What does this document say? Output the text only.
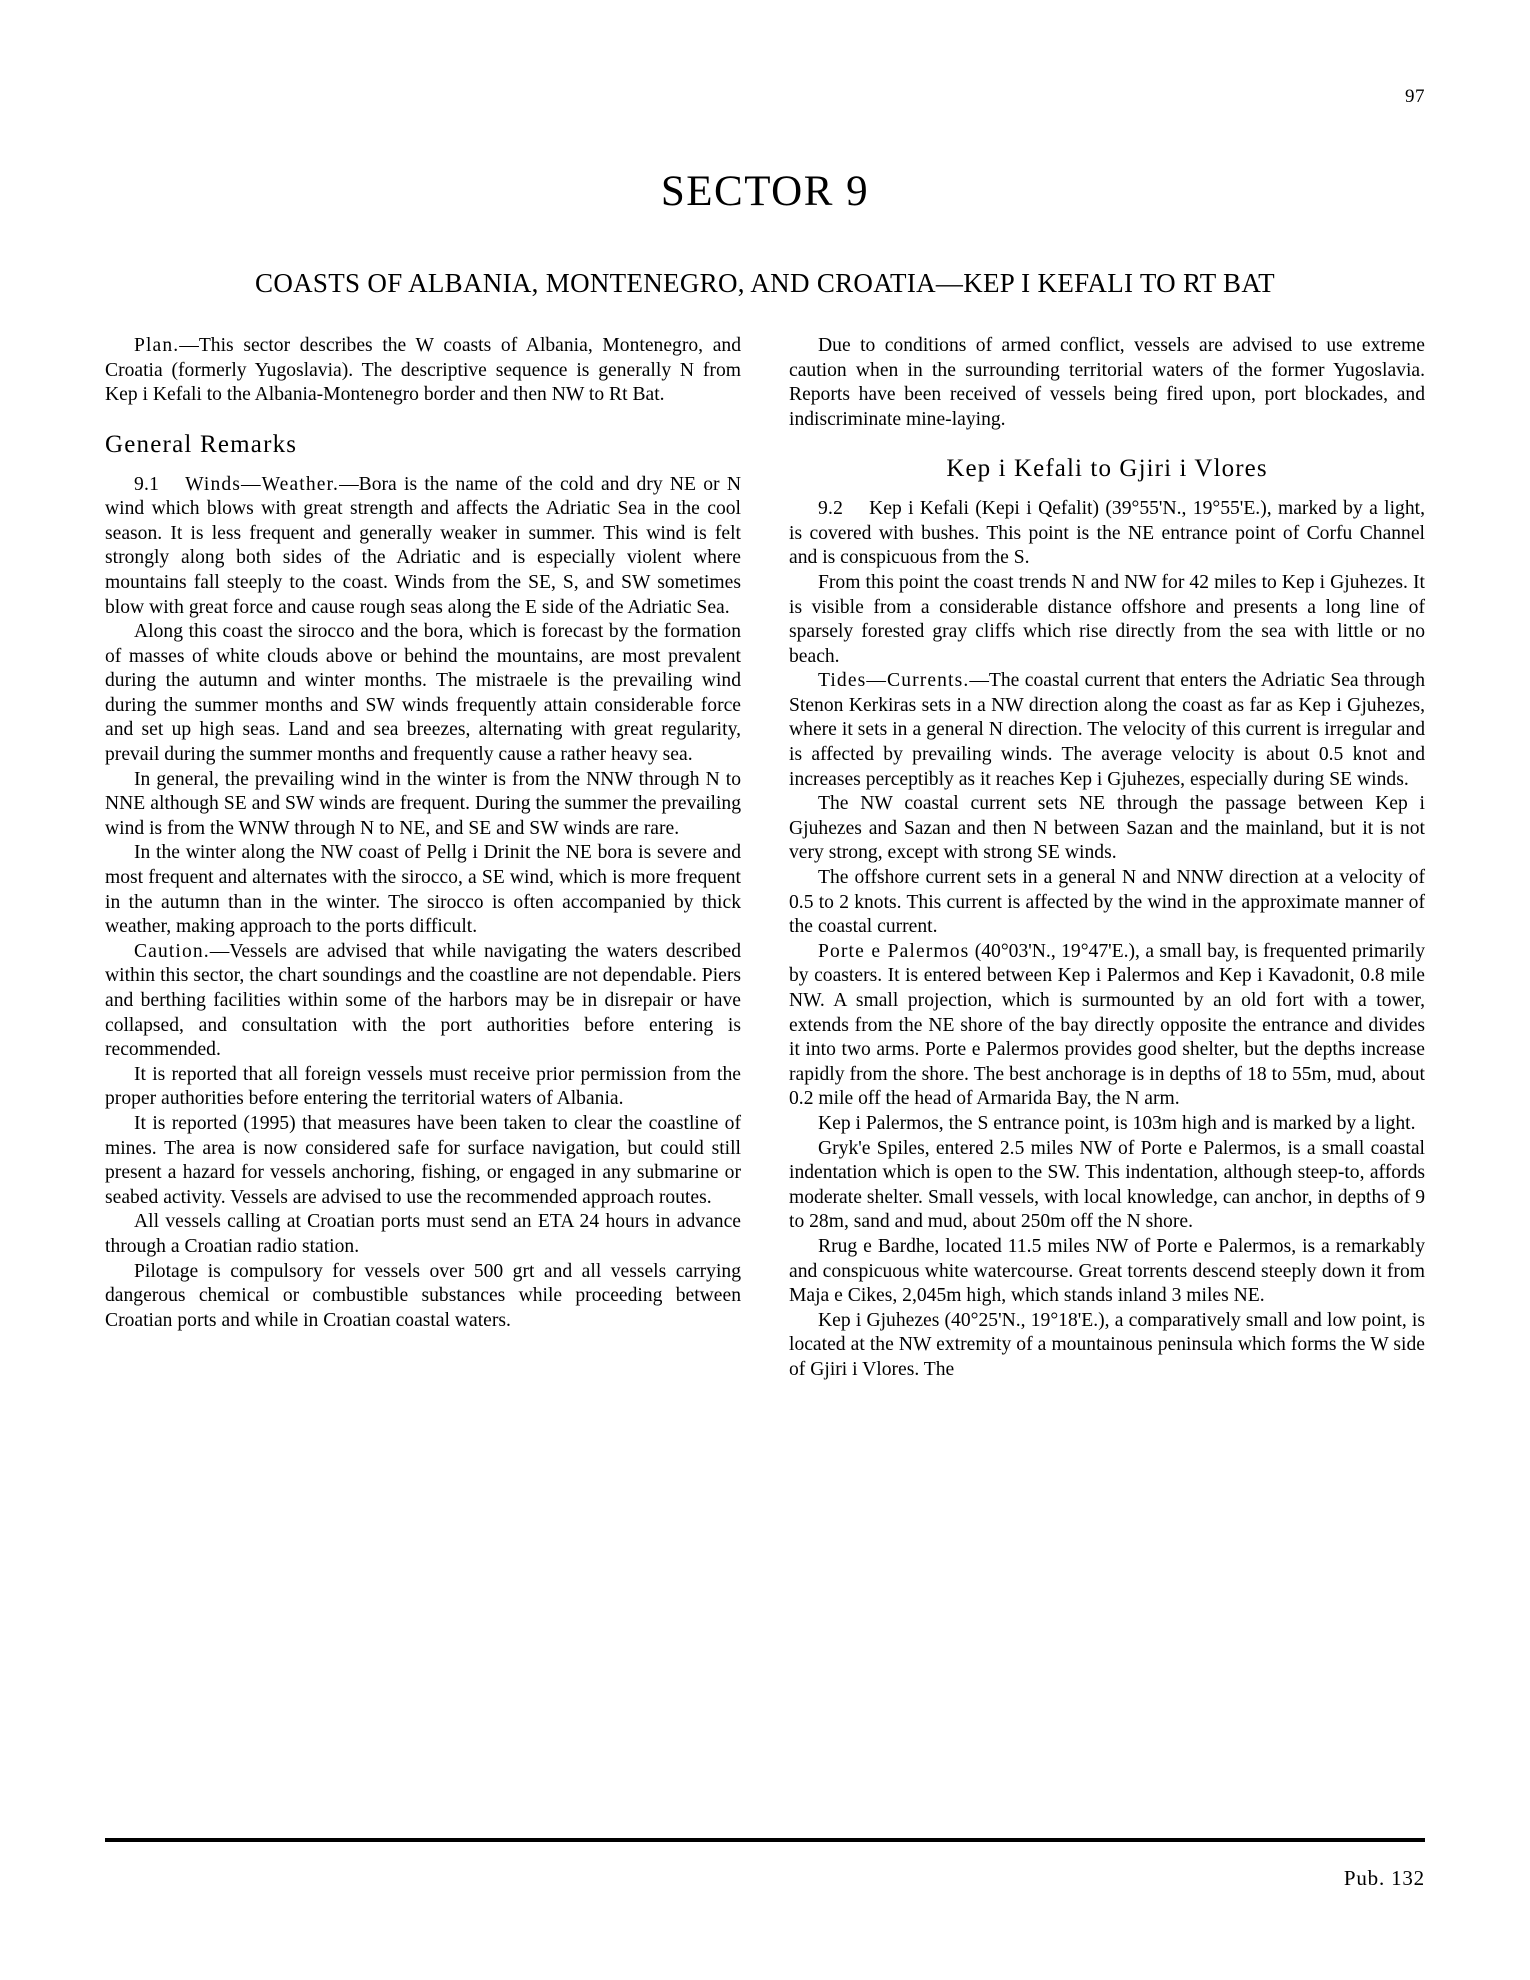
97
SECTOR 9
COASTS OF ALBANIA, MONTENEGRO, AND CROATIA—KEP I KEFALI TO RT BAT

Plan.—This sector describes the W coasts of Albania, Montenegro, and Croatia (formerly Yugoslavia). The descriptive sequence is generally N from Kep i Kefali to the Albania-Montenegro border and then NW to Rt Bat.

General Remarks

9.1 Winds—Weather.—Bora is the name of the cold and dry NE or N wind which blows with great strength and affects the Adriatic Sea in the cool season. It is less frequent and generally weaker in summer. This wind is felt strongly along both sides of the Adriatic and is especially violent where mountains fall steeply to the coast. Winds from the SE, S, and SW sometimes blow with great force and cause rough seas along the E side of the Adriatic Sea.

Along this coast the sirocco and the bora, which is forecast by the formation of masses of white clouds above or behind the mountains, are most prevalent during the autumn and winter months. The mistraele is the prevailing wind during the summer months and SW winds frequently attain considerable force and set up high seas. Land and sea breezes, alternating with great regularity, prevail during the summer months and frequently cause a rather heavy sea.

In general, the prevailing wind in the winter is from the NNW through N to NNE although SE and SW winds are frequent. During the summer the prevailing wind is from the WNW through N to NE, and SE and SW winds are rare.

In the winter along the NW coast of Pellg i Drinit the NE bora is severe and most frequent and alternates with the sirocco, a SE wind, which is more frequent in the autumn than in the winter. The sirocco is often accompanied by thick weather, making approach to the ports difficult.

Caution.—Vessels are advised that while navigating the waters described within this sector, the chart soundings and the coastline are not dependable. Piers and berthing facilities within some of the harbors may be in disrepair or have collapsed, and consultation with the port authorities before entering is recommended.

It is reported that all foreign vessels must receive prior permission from the proper authorities before entering the territorial waters of Albania.

It is reported (1995) that measures have been taken to clear the coastline of mines. The area is now considered safe for surface navigation, but could still present a hazard for vessels anchoring, fishing, or engaged in any submarine or seabed activity. Vessels are advised to use the recommended approach routes.

All vessels calling at Croatian ports must send an ETA 24 hours in advance through a Croatian radio station.

Pilotage is compulsory for vessels over 500 grt and all vessels carrying dangerous chemical or combustible substances while proceeding between Croatian ports and while in Croatian coastal waters.

Due to conditions of armed conflict, vessels are advised to use extreme caution when in the surrounding territorial waters of the former Yugoslavia. Reports have been received of vessels being fired upon, port blockades, and indiscriminate mine-laying.

Kep i Kefali to Gjiri i Vlores

9.2 Kep i Kefali (Kepi i Qefalit) (39°55'N., 19°55'E.), marked by a light, is covered with bushes. This point is the NE entrance point of Corfu Channel and is conspicuous from the S.

From this point the coast trends N and NW for 42 miles to Kep i Gjuhezes. It is visible from a considerable distance offshore and presents a long line of sparsely forested gray cliffs which rise directly from the sea with little or no beach.

Tides—Currents.—The coastal current that enters the Adriatic Sea through Stenon Kerkiras sets in a NW direction along the coast as far as Kep i Gjuhezes, where it sets in a general N direction. The velocity of this current is irregular and is affected by prevailing winds. The average velocity is about 0.5 knot and increases perceptibly as it reaches Kep i Gjuhezes, especially during SE winds.

The NW coastal current sets NE through the passage between Kep i Gjuhezes and Sazan and then N between Sazan and the mainland, but it is not very strong, except with strong SE winds.

The offshore current sets in a general N and NNW direction at a velocity of 0.5 to 2 knots. This current is affected by the wind in the approximate manner of the coastal current.

Porte e Palermos (40°03'N., 19°47'E.), a small bay, is frequented primarily by coasters. It is entered between Kep i Palermos and Kep i Kavadonit, 0.8 mile NW. A small projection, which is surmounted by an old fort with a tower, extends from the NE shore of the bay directly opposite the entrance and divides it into two arms. Porte e Palermos provides good shelter, but the depths increase rapidly from the shore. The best anchorage is in depths of 18 to 55m, mud, about 0.2 mile off the head of Armarida Bay, the N arm.

Kep i Palermos, the S entrance point, is 103m high and is marked by a light.

Gryk'e Spiles, entered 2.5 miles NW of Porte e Palermos, is a small coastal indentation which is open to the SW. This indentation, although steep-to, affords moderate shelter. Small vessels, with local knowledge, can anchor, in depths of 9 to 28m, sand and mud, about 250m off the N shore.

Rrug e Bardhe, located 11.5 miles NW of Porte e Palermos, is a remarkably and conspicuous white watercourse. Great torrents descend steeply down it from Maja e Cikes, 2,045m high, which stands inland 3 miles NE.

Kep i Gjuhezes (40°25'N., 19°18'E.), a comparatively small and low point, is located at the NW extremity of a mountainous peninsula which forms the W side of Gjiri i Vlores. The

Pub. 132
